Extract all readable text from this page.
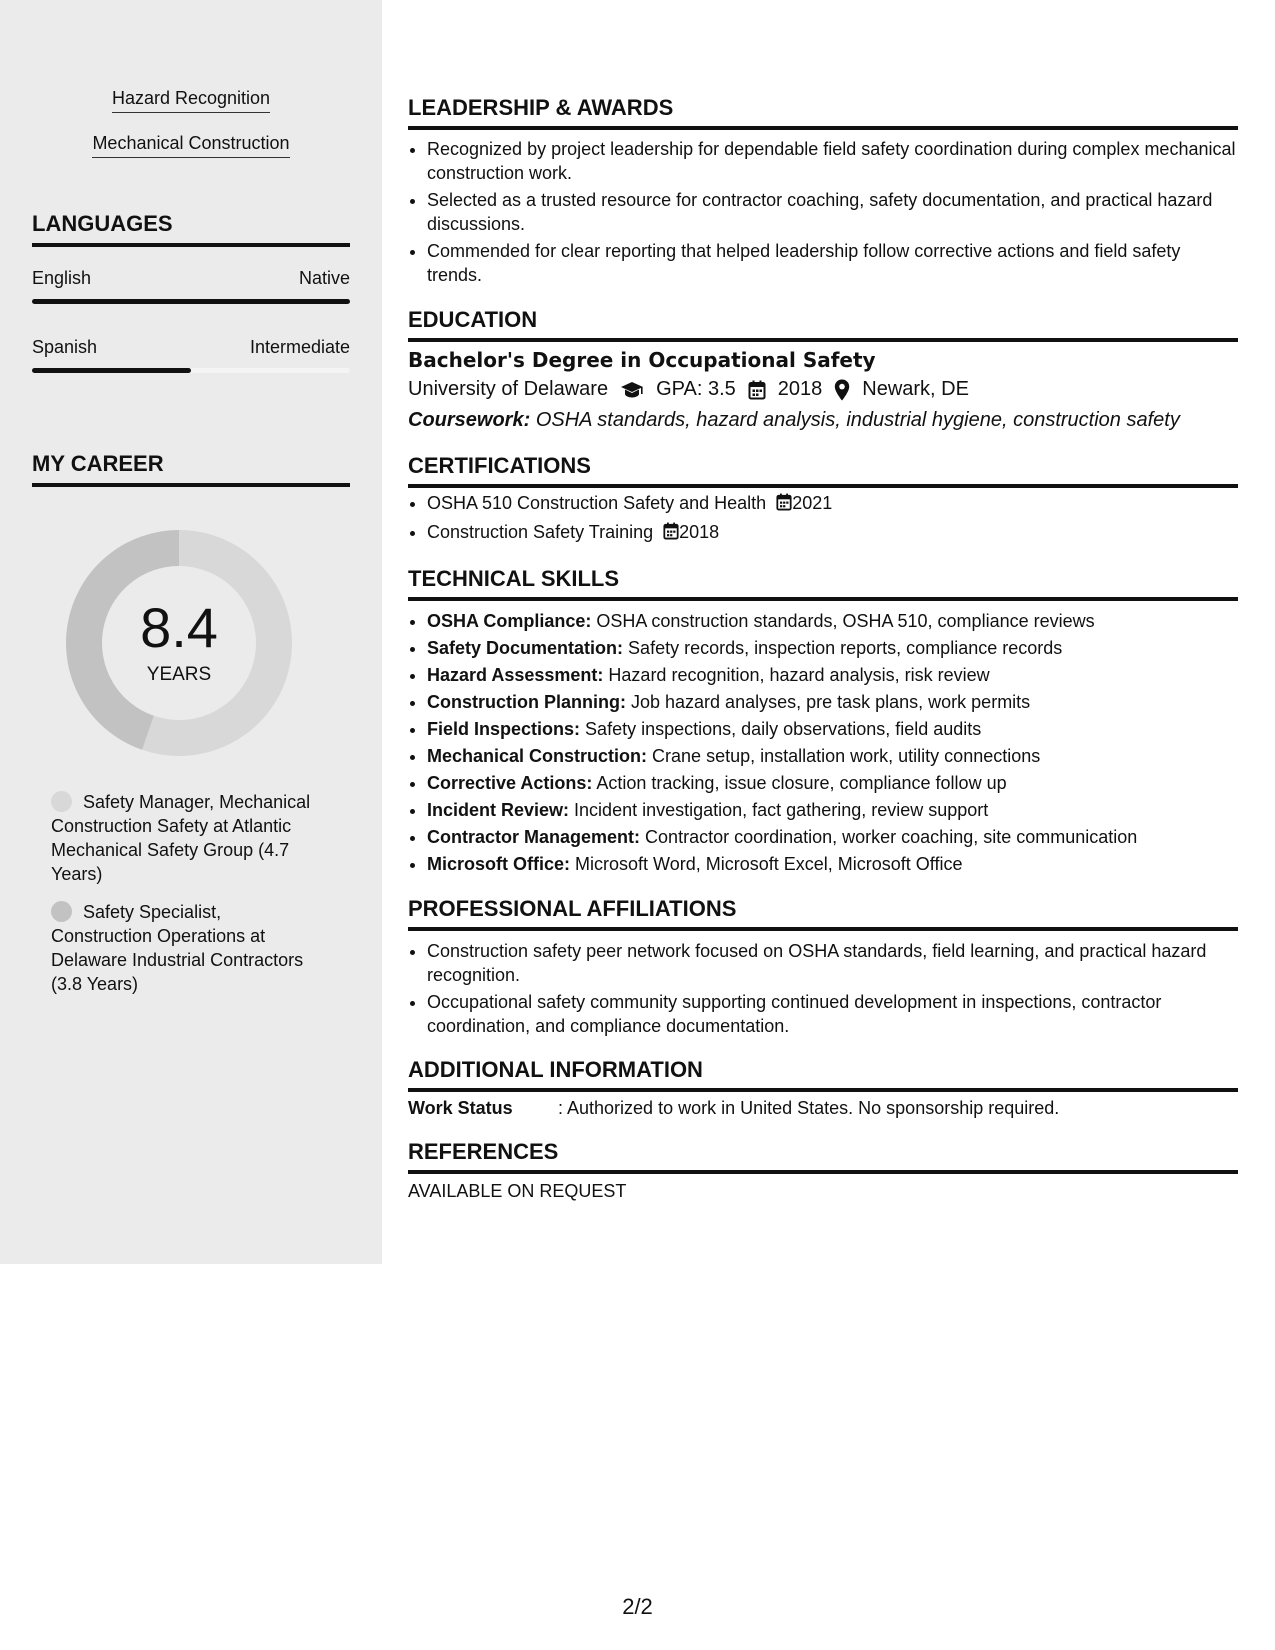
Hazard Recognition
Mechanical Construction
LANGUAGES
English	Native
Spanish	Intermediate
MY CAREER
8.4
YEARS
Safety Manager, Mechanical Construction Safety at Atlantic Mechanical Safety Group (4.7 Years)
Safety Specialist, Construction Operations at Delaware Industrial Contractors (3.8 Years)
LEADERSHIP & AWARDS
• Recognized by project leadership for dependable field safety coordination during complex mechanical construction work.
• Selected as a trusted resource for contractor coaching, safety documentation, and practical hazard discussions.
• Commended for clear reporting that helped leadership follow corrective actions and field safety trends.
EDUCATION
Bachelor's Degree in Occupational Safety
University of Delaware GPA: 3.5 2018 Newark, DE
Coursework: OSHA standards, hazard analysis, industrial hygiene, construction safety
CERTIFICATIONS
• OSHA 510 Construction Safety and Health 2021
• Construction Safety Training 2018
TECHNICAL SKILLS
• OSHA Compliance: OSHA construction standards, OSHA 510, compliance reviews
• Safety Documentation: Safety records, inspection reports, compliance records
• Hazard Assessment: Hazard recognition, hazard analysis, risk review
• Construction Planning: Job hazard analyses, pre task plans, work permits
• Field Inspections: Safety inspections, daily observations, field audits
• Mechanical Construction: Crane setup, installation work, utility connections
• Corrective Actions: Action tracking, issue closure, compliance follow up
• Incident Review: Incident investigation, fact gathering, review support
• Contractor Management: Contractor coordination, worker coaching, site communication
• Microsoft Office: Microsoft Word, Microsoft Excel, Microsoft Office
PROFESSIONAL AFFILIATIONS
• Construction safety peer network focused on OSHA standards, field learning, and practical hazard recognition.
• Occupational safety community supporting continued development in inspections, contractor coordination, and compliance documentation.
ADDITIONAL INFORMATION
Work Status	: Authorized to work in United States. No sponsorship required.
REFERENCES
AVAILABLE ON REQUEST
2/2
